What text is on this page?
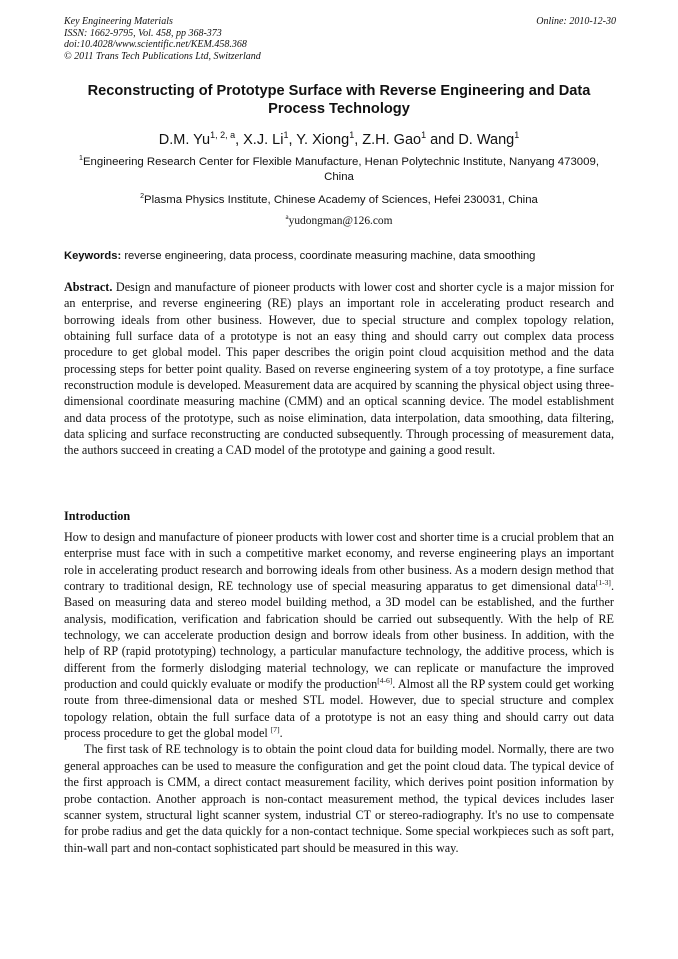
Key Engineering Materials	Online: 2010-12-30
ISSN: 1662-9795, Vol. 458, pp 368-373
doi:10.4028/www.scientific.net/KEM.458.368
© 2011 Trans Tech Publications Ltd, Switzerland
Reconstructing of Prototype Surface with Reverse Engineering and Data Process Technology
D.M. Yu$^{1, 2, a}$, X.J. Li$^1$, Y. Xiong$^1$, Z.H. Gao$^1$ and D. Wang$^1$
$^1$Engineering Research Center for Flexible Manufacture, Henan Polytechnic Institute, Nanyang 473009, China
$^2$Plasma Physics Institute, Chinese Academy of Sciences, Hefei 230031, China
$^a$yudongman@126.com
Keywords: reverse engineering, data process, coordinate measuring machine, data smoothing
Abstract. Design and manufacture of pioneer products with lower cost and shorter cycle is a major mission for an enterprise, and reverse engineering (RE) plays an important role in accelerating product research and borrowing ideals from other business. However, due to special structure and complex topology relation, obtaining full surface data of a prototype is not an easy thing and should carry out complex data process procedure to get global model. This paper describes the origin point cloud acquisition method and the data processing steps for better point quality. Based on reverse engineering system of a toy prototype, a fine surface reconstruction module is developed. Measurement data are acquired by scanning the physical object using three-dimensional coordinate measuring machine (CMM) and an optical scanning device. The model establishment and data process of the prototype, such as noise elimination, data interpolation, data smoothing, data filtering, data splicing and surface reconstructing are conducted subsequently. Through processing of measurement data, the authors succeed in creating a CAD model of the prototype and gaining a good result.
Introduction

How to design and manufacture of pioneer products with lower cost and shorter time is a crucial problem that an enterprise must face with in such a competitive market economy, and reverse engineering plays an important role in accelerating product research and borrowing ideals from other business. As a modern design method that contrary to traditional design, RE technology use of special measuring apparatus to get dimensional data[1-3]. Based on measuring data and stereo model building method, a 3D model can be established, and the further analysis, modification, verification and fabrication should be carried out subsequently. With the help of RE technology, we can accelerate production design and borrow ideals from other business. In addition, with the help of RP (rapid prototyping) technology, a particular manufacture technology, the additive process, which is different from the formerly dislodging material technology, we can replicate or manufacture the improved production and could quickly evaluate or modify the production[4-6]. Almost all the RP system could get working route from three-dimensional data or meshed STL model. However, due to special structure and complex topology relation, obtain the full surface data of a prototype is not an easy thing and should carry out data process procedure to get the global model [7].

The first task of RE technology is to obtain the point cloud data for building model. Normally, there are two general approaches can be used to measure the configuration and get the point cloud data. The typical device of the first approach is CMM, a direct contact measurement facility, which derives point position information by probe contaction. Another approach is non-contact measurement method, the typical devices includes laser scanner system, structural light scanner system, industrial CT or stereo-radiography. It's no use to compensate for probe radius and get the data quickly for a non-contact technique. Some special workpieces such as soft part, thin-wall part and non-contact sophisticated part should be measured in this way.
